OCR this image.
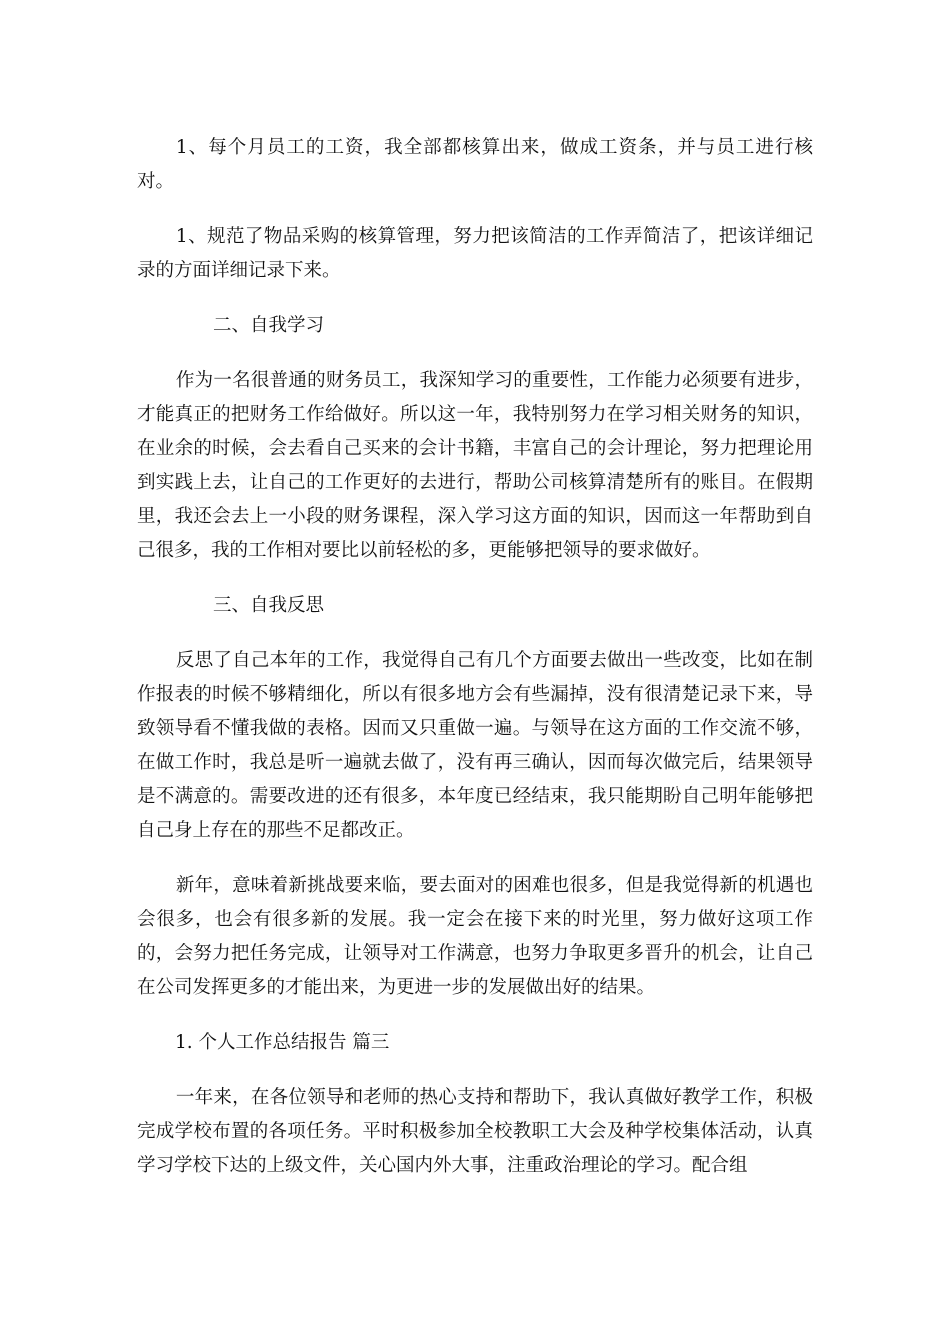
1、每个月员工的工资，我全部都核算出来，做成工资条，并与员工进行核对。

1、规范了物品采购的核算管理，努力把该简洁的工作弄简洁了，把该详细记录的方面详细记录下来。

二、自我学习

作为一名很普通的财务员工，我深知学习的重要性，工作能力必须要有进步，才能真正的把财务工作给做好。所以这一年，我特别努力在学习相关财务的知识，在业余的时候，会去看自己买来的会计书籍，丰富自己的会计理论，努力把理论用到实践上去，让自己的工作更好的去进行，帮助公司核算清楚所有的账目。在假期里，我还会去上一小段的财务课程，深入学习这方面的知识，因而这一年帮助到自己很多，我的工作相对要比以前轻松的多，更能够把领导的要求做好。

三、自我反思

反思了自己本年的工作，我觉得自己有几个方面要去做出一些改变，比如在制作报表的时候不够精细化，所以有很多地方会有些漏掉，没有很清楚记录下来，导致领导看不懂我做的表格。因而又只重做一遍。与领导在这方面的工作交流不够，在做工作时，我总是听一遍就去做了，没有再三确认，因而每次做完后，结果领导是不满意的。需要改进的还有很多，本年度已经结束，我只能期盼自己明年能够把自己身上存在的那些不足都改正。

新年，意味着新挑战要来临，要去面对的困难也很多，但是我觉得新的机遇也会很多，也会有很多新的发展。我一定会在接下来的时光里，努力做好这项工作的，会努力把任务完成，让领导对工作满意，也努力争取更多晋升的机会，让自己在公司发挥更多的才能出来，为更进一步的发展做出好的结果。

1. 个人工作总结报告 篇三

一年来，在各位领导和老师的热心支持和帮助下，我认真做好教学工作，积极完成学校布置的各项任务。平时积极参加全校教职工大会及种学校集体活动，认真学习学校下达的上级文件，关心国内外大事，注重政治理论的学习。配合组
